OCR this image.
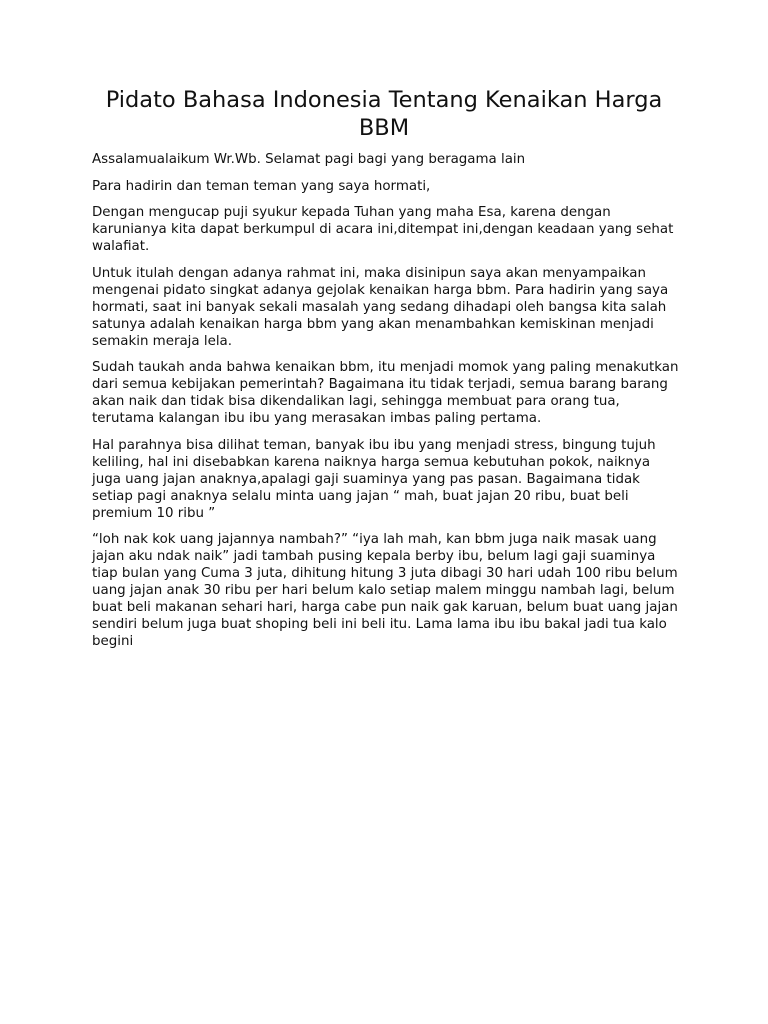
Pidato Bahasa Indonesia Tentang Kenaikan Harga BBM

Assalamualaikum Wr.Wb. Selamat pagi bagi yang beragama lain

Para hadirin dan teman teman yang saya hormati,

Dengan mengucap puji syukur kepada Tuhan yang maha Esa, karena dengan karunianya kita dapat berkumpul di acara ini,ditempat ini,dengan keadaan yang sehat walafiat.

Untuk itulah dengan adanya rahmat ini, maka disinipun saya akan menyampaikan mengenai pidato singkat adanya gejolak kenaikan harga bbm. Para hadirin yang saya hormati, saat ini banyak sekali masalah yang sedang dihadapi oleh bangsa kita salah satunya adalah kenaikan harga bbm yang akan menambahkan kemiskinan menjadi semakin meraja lela.

Sudah taukah anda bahwa kenaikan bbm, itu menjadi momok yang paling menakutkan dari semua kebijakan pemerintah? Bagaimana itu tidak terjadi, semua barang barang akan naik dan tidak bisa dikendalikan lagi, sehingga membuat para orang tua, terutama kalangan ibu ibu yang merasakan imbas paling pertama.

Hal parahnya bisa dilihat teman, banyak ibu ibu yang menjadi stress, bingung tujuh keliling, hal ini disebabkan karena naiknya harga semua kebutuhan pokok, naiknya juga uang jajan anaknya,apalagi gaji suaminya yang pas pasan. Bagaimana tidak setiap pagi anaknya selalu minta uang jajan “ mah, buat jajan 20 ribu, buat beli premium 10 ribu ”

“loh nak kok uang jajannya nambah?” “iya lah mah, kan bbm juga naik masak uang jajan aku ndak naik” jadi tambah pusing kepala berby ibu, belum lagi gaji suaminya tiap bulan yang Cuma 3 juta, dihitung hitung 3 juta dibagi 30 hari udah 100 ribu belum uang jajan anak 30 ribu per hari belum kalo setiap malem minggu nambah lagi, belum buat beli makanan sehari hari, harga cabe pun naik gak karuan, belum buat uang jajan sendiri belum juga buat shoping beli ini beli itu. Lama lama ibu ibu bakal jadi tua kalo begini
